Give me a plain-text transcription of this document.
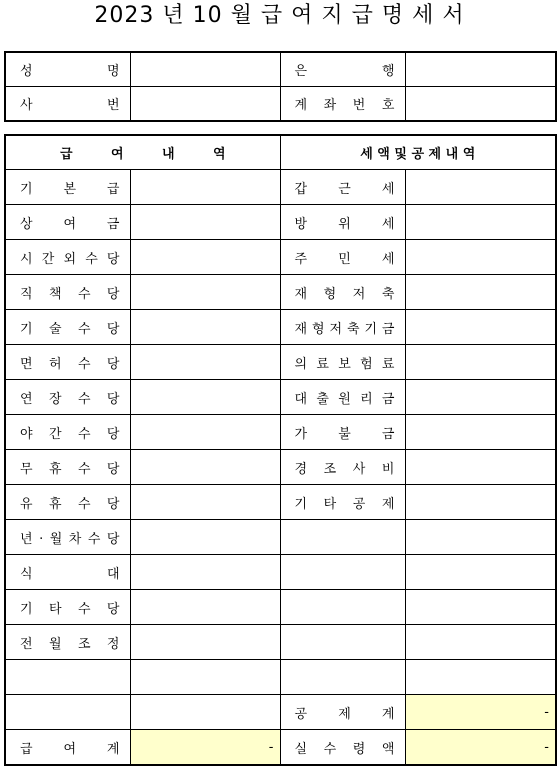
2023 년 10 월 급 여 지 급 명 세 서
성 명		은 행	

사 번		계 좌 번 호	

급 여 내 역		세 액 및 공 제 내 역	

기 본 급		갑 근 세	

상 여 금		방 위 세	

시 간 외 수 당		주 민 세	

직 책 수 당		재 형 저 축	

기 술 수 당		재 형 저 축 기 금	

면 허 수 당		의 료 보 험 료	

연 장 수 당		대 출 원 리 금	

야 간 수 당		가 불 금	

무 휴 수 당		경 조 사 비	

유 휴 수 당		기 타 공 제	

년 · 월 차 수 당			

식 대			

기 타 수 당			

전 월 조 정			

		공 제 계	-

급 여 계	-	실 수 령 액	-
